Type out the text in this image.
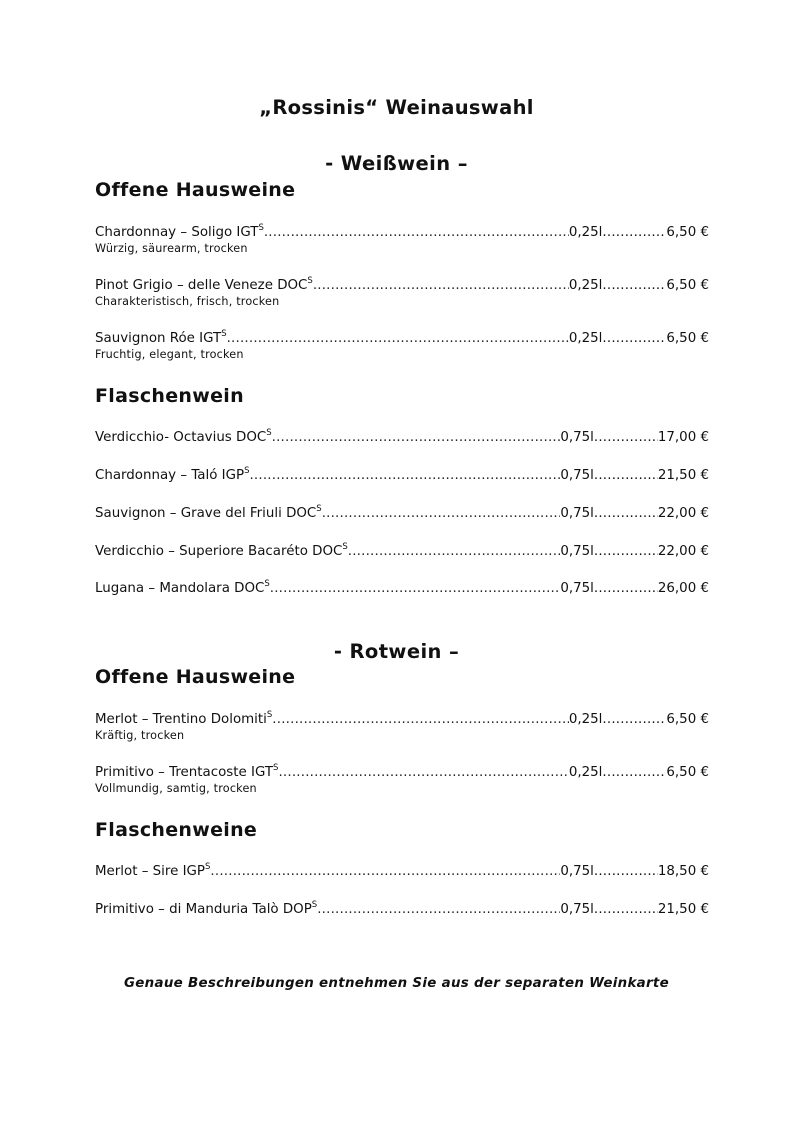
„Rossinis“ Weinauswahl
- Weißwein –
Offene Hausweine
Chardonnay – Soligo $IGT^S$ .....	0,25l .....	6,50 €
Würzig, säurearm, trocken
Pinot Grigio – delle Veneze $DOC^S$ .....	0,25l .....	6,50 €
Charakteristisch, frisch, trocken
Sauvignon Róe $IGT^S$ .....	0,25l .....	6,50 €
Fruchtig, elegant, trocken
Flaschenwein
Verdicchio- Octavius $DOC^S$ .....	0,75l .....	17,00 €
Chardonnay – Taló $IGP^S$ .....	0,75l .....	21,50 €
Sauvignon – Grave del Friuli $DOC^S$ .....	0,75l .....	22,00 €
Verdicchio – Superiore Bacaréto $DOC^S$ .....	0,75l .....	22,00 €
Lugana – Mandolara $DOC^S$ .....	0,75l .....	26,00 €
- Rotwein –
Offene Hausweine
Merlot – Trentino Dolomiti$^S$ .....	0,25l .....	6,50 €
Kräftig, trocken
Primitivo – Trentacoste $IGT^S$ .....	0,25l .....	6,50 €
Vollmundig, samtig, trocken
Flaschenweine
Merlot – Sire $IGP^S$ .....	0,75l .....	18,50 €
Primitivo – di Manduria Talò $DOP^S$ .....	0,75l .....	21,50 €
Genaue Beschreibungen entnehmen Sie aus der separaten Weinkarte
